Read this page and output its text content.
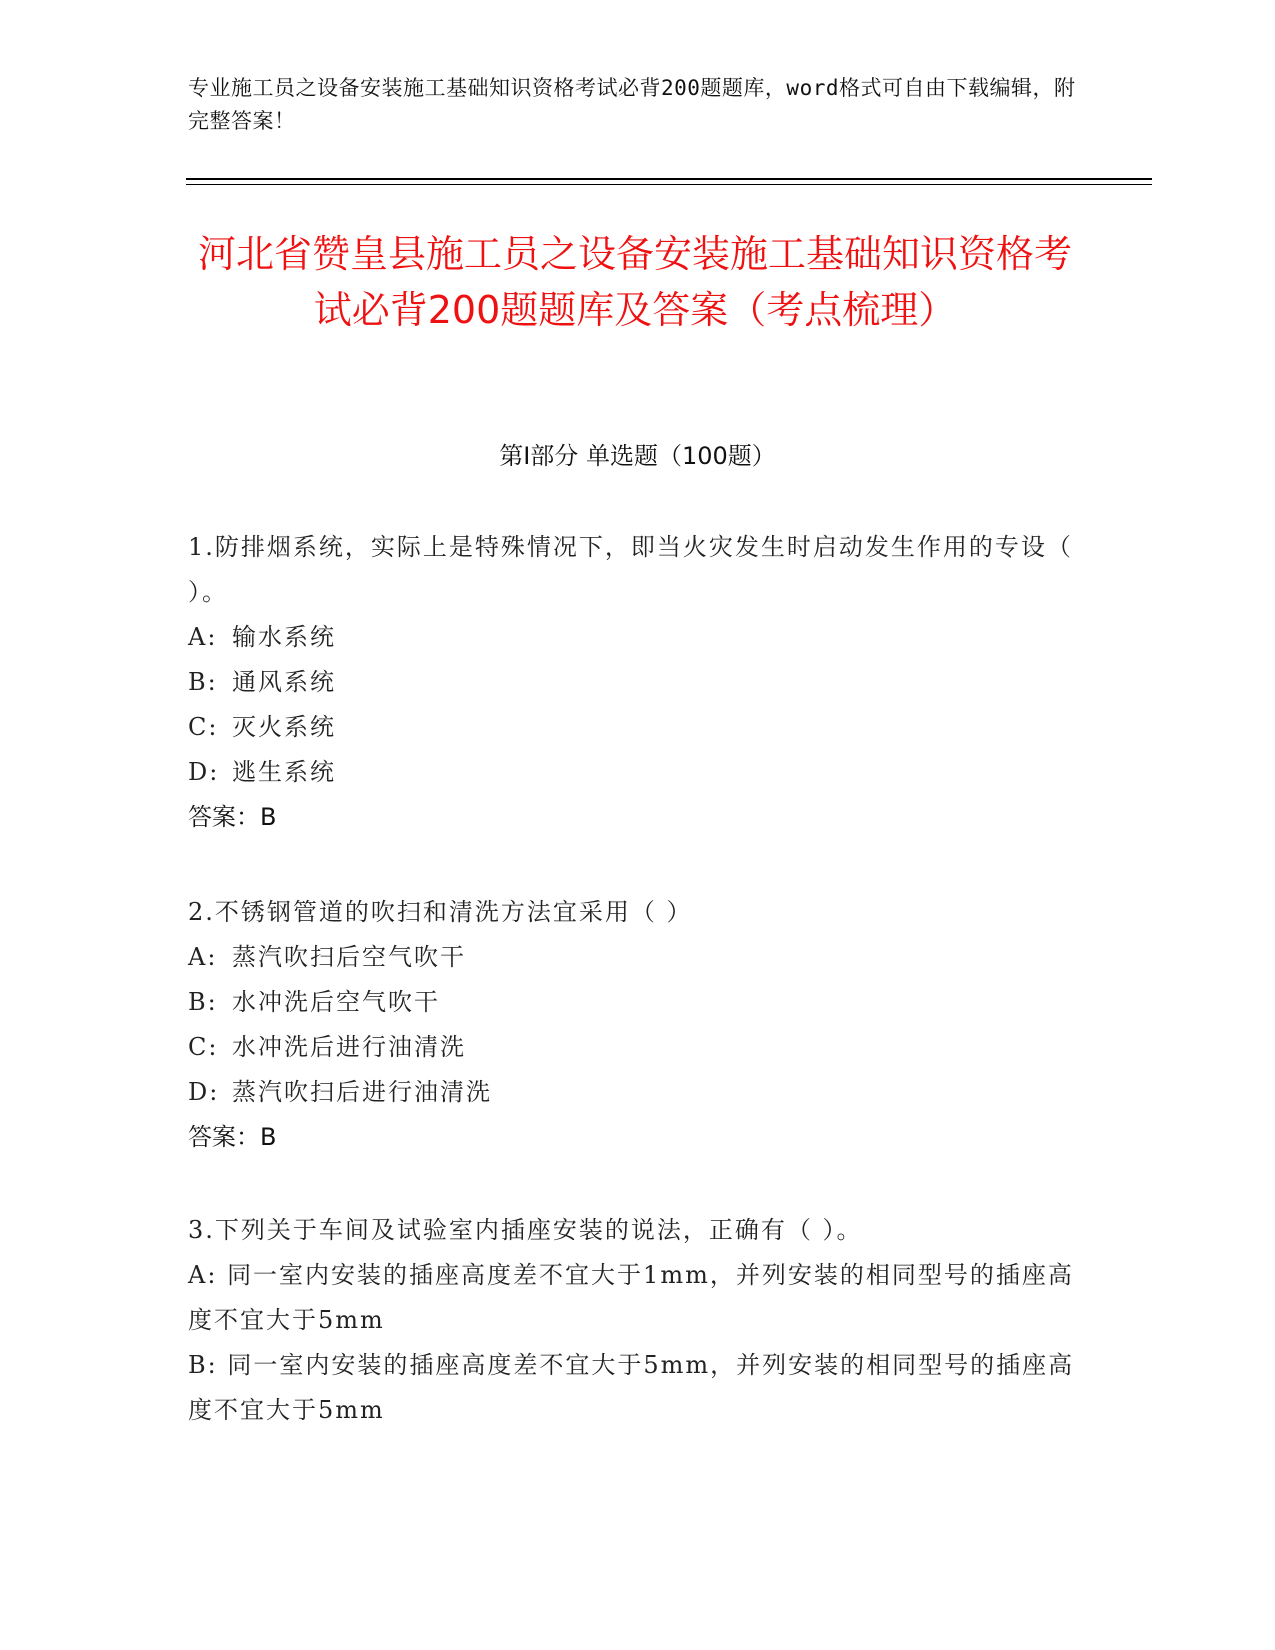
专业施工员之设备安装施工基础知识资格考试必背200题题库，word格式可自由下载编辑，附完整答案！
河北省赞皇县施工员之设备安装施工基础知识资格考试必背200题题库及答案（考点梳理）
第I部分 单选题（100题）
1.防排烟系统，实际上是特殊情况下，即当火灾发生时启动发生作用的专设（ ）。
A: 输水系统
B: 通风系统
C: 灭火系统
D: 逃生系统
答案：B
2.不锈钢管道的吹扫和清洗方法宜采用（ ）
A: 蒸汽吹扫后空气吹干
B: 水冲洗后空气吹干
C: 水冲洗后进行油清洗
D: 蒸汽吹扫后进行油清洗
答案：B
3.下列关于车间及试验室内插座安装的说法，正确有（ ）。
A: 同一室内安装的插座高度差不宜大于1mm，并列安装的相同型号的插座高度不宜大于5mm
B: 同一室内安装的插座高度差不宜大于5mm，并列安装的相同型号的插座高度不宜大于5mm
